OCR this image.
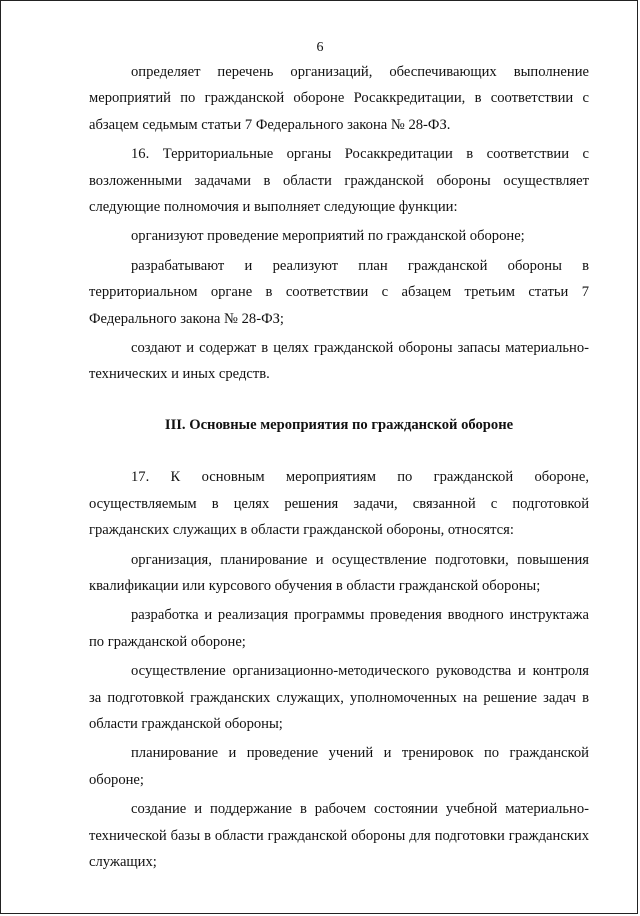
6

определяет перечень организаций, обеспечивающих выполнение мероприятий по гражданской обороне Росаккредитации, в соответствии с абзацем седьмым статьи 7 Федерального закона № 28-ФЗ.

16. Территориальные органы Росаккредитации в соответствии с возложенными задачами в области гражданской обороны осуществляет следующие полномочия и выполняет следующие функции:

организуют проведение мероприятий по гражданской обороне;

разрабатывают и реализуют план гражданской обороны в территориальном органе в соответствии с абзацем третьим статьи 7 Федерального закона № 28-ФЗ;

создают и содержат в целях гражданской обороны запасы материально-технических и иных средств.

III. Основные мероприятия по гражданской обороне

17. К основным мероприятиям по гражданской обороне, осуществляемым в целях решения задачи, связанной с подготовкой гражданских служащих в области гражданской обороны, относятся:

организация, планирование и осуществление подготовки, повышения квалификации или курсового обучения в области гражданской обороны;

разработка и реализация программы проведения вводного инструктажа по гражданской обороне;

осуществление организационно-методического руководства и контроля за подготовкой гражданских служащих, уполномоченных на решение задач в области гражданской обороны;

планирование и проведение учений и тренировок по гражданской обороне;

создание и поддержание в рабочем состоянии учебной материально-технической базы в области гражданской обороны для подготовки гражданских служащих;
